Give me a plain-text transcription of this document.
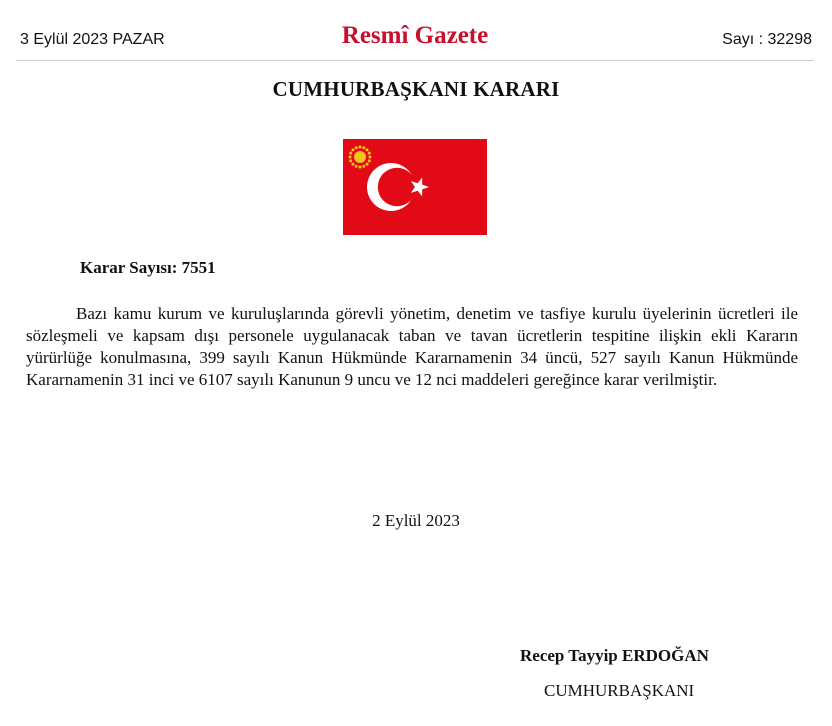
3 Eylül 2023 PAZAR	Resmî Gazete	Sayı : 32298
CUMHURBAŞKANI KARARI
Karar Sayısı: 7551
Bazı kamu kurum ve kuruluşlarında görevli yönetim, denetim ve tasfiye kurulu üyelerinin ücretleri ile sözleşmeli ve kapsam dışı personele uygulanacak taban ve tavan ücretlerin tespitine ilişkin ekli Kararın yürürlüğe konulmasına, 399 sayılı Kanun Hükmünde Kararnamenin 34 üncü, 527 sayılı Kanun Hükmünde Kararnamenin 31 inci ve 6107 sayılı Kanunun 9 uncu ve 12 nci maddeleri gereğince karar verilmiştir.
2 Eylül 2023
Recep Tayyip ERDOĞAN
CUMHURBAŞKANI
